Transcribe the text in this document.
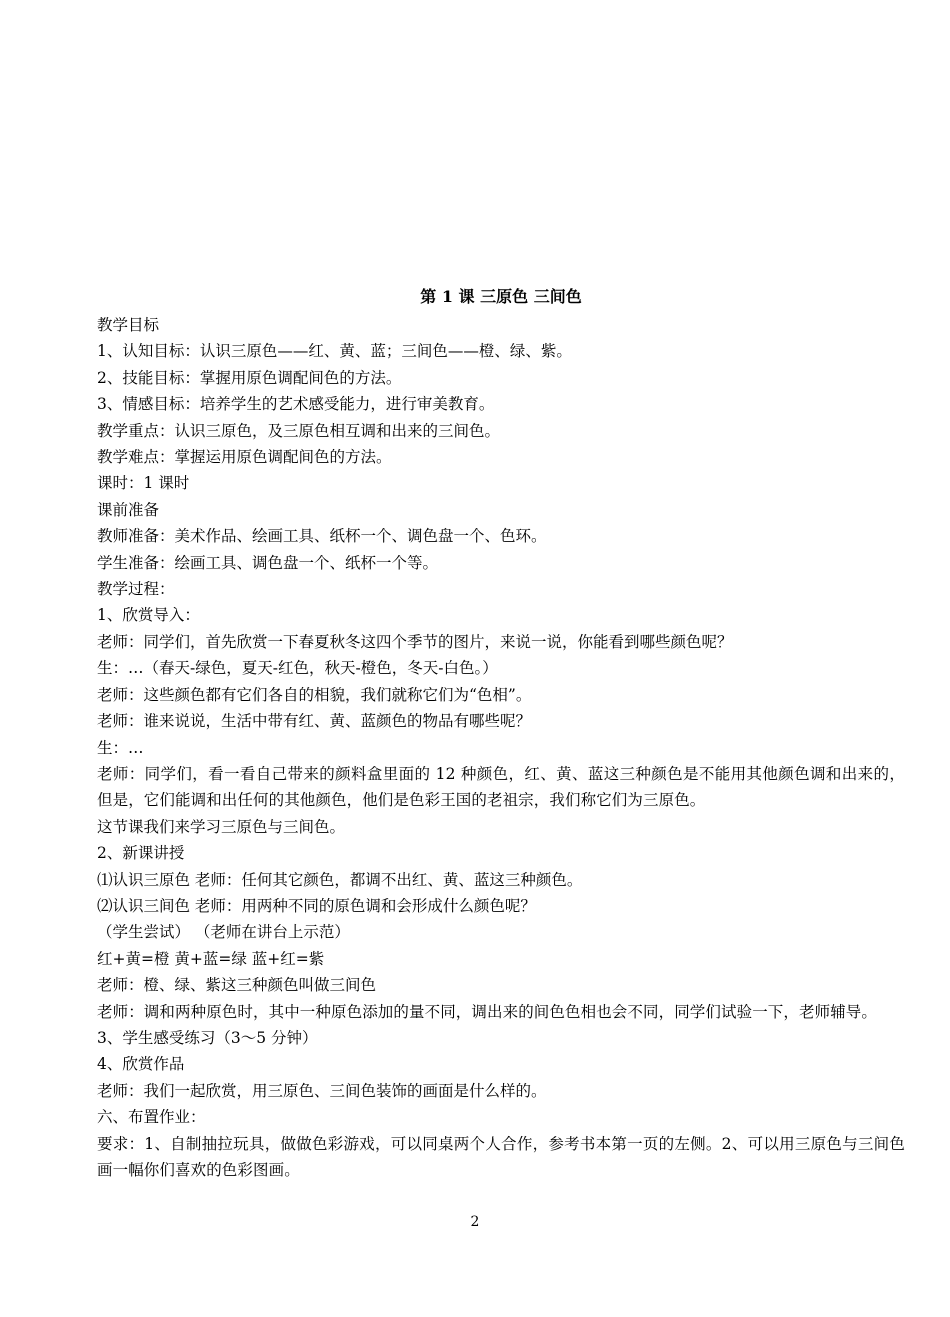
第 1 课 三原色 三间色
教学目标
1、认知目标：认识三原色——红、黄、蓝；三间色——橙、绿、紫。
2、技能目标：掌握用原色调配间色的方法。
3、情感目标：培养学生的艺术感受能力，进行审美教育。
教学重点：认识三原色，及三原色相互调和出来的三间色。
教学难点：掌握运用原色调配间色的方法。
课时：1 课时
课前准备
教师准备：美术作品、绘画工具、纸杯一个、调色盘一个、色环。
学生准备：绘画工具、调色盘一个、纸杯一个等。
教学过程：
1、欣赏导入：
老师：同学们，首先欣赏一下春夏秋冬这四个季节的图片，来说一说，你能看到哪些颜色呢？
生：…（春天-绿色，夏天-红色，秋天-橙色，冬天-白色。）
老师：这些颜色都有它们各自的相貌，我们就称它们为“色相”。
老师：谁来说说，生活中带有红、黄、蓝颜色的物品有哪些呢？
生：…
老师：同学们，看一看自己带来的颜料盒里面的 12 种颜色，红、黄、蓝这三种颜色是不能用其他颜色调和出来的，但是，它们能调和出任何的其他颜色，他们是色彩王国的老祖宗，我们称它们为三原色。
这节课我们来学习三原色与三间色。
2、新课讲授
⑴认识三原色 老师：任何其它颜色，都调不出红、黄、蓝这三种颜色。
⑵认识三间色 老师：用两种不同的原色调和会形成什么颜色呢？
（学生尝试） （老师在讲台上示范）
红+黄=橙 黄+蓝=绿 蓝+红=紫
老师：橙、绿、紫这三种颜色叫做三间色
老师：调和两种原色时，其中一种原色添加的量不同，调出来的间色色相也会不同，同学们试验一下，老师辅导。
3、学生感受练习（3～5 分钟）
4、欣赏作品
老师：我们一起欣赏，用三原色、三间色装饰的画面是什么样的。
六、布置作业：
要求：1、自制抽拉玩具，做做色彩游戏，可以同桌两个人合作，参考书本第一页的左侧。2、可以用三原色与三间色画一幅你们喜欢的色彩图画。
2
